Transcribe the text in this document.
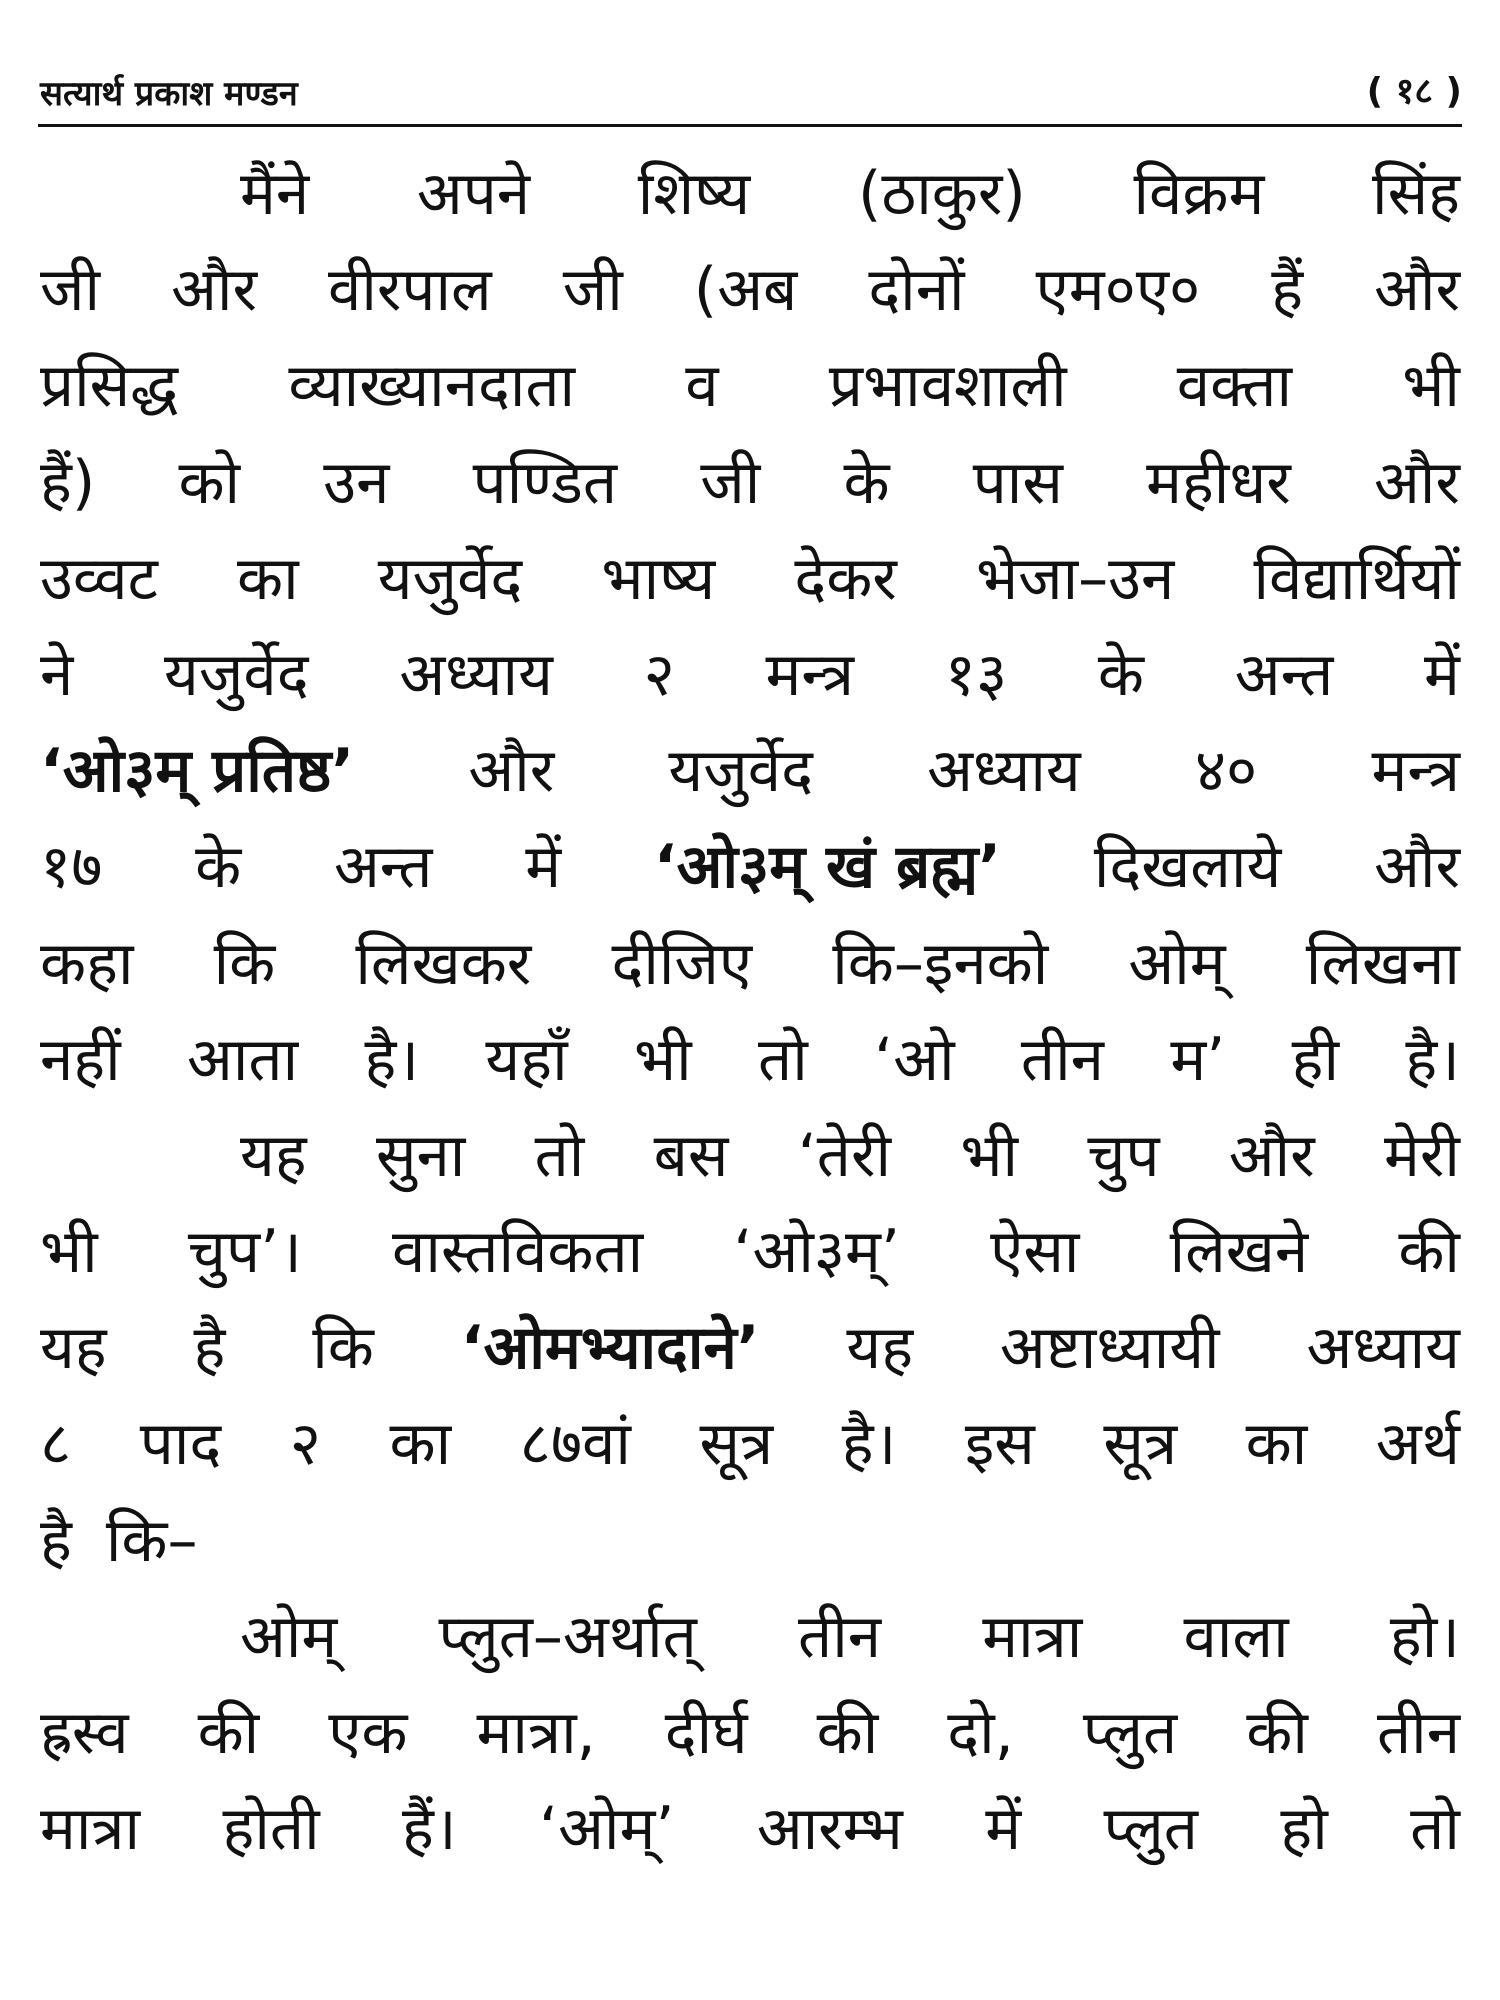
सत्यार्थ प्रकाश मण्डन	( १८ )
मैंने अपने शिष्य (ठाकुर) विक्रम सिंह
जी और वीरपाल जी (अब दोनों एम०ए० हैं और
प्रसिद्ध व्याख्यानदाता व प्रभावशाली वक्ता भी
हैं) को उन पण्डित जी के पास महीधर और
उव्वट का यजुर्वेद भाष्य देकर भेजा–उन विद्यार्थियों
ने यजुर्वेद अध्याय २ मन्त्र १३ के अन्त में
‘ओ३म् प्रतिष्ठ’ और यजुर्वेद अध्याय ४० मन्त्र
१७ के अन्त में ‘ओ३म् खं ब्रह्म’ दिखलाये और
कहा कि लिखकर दीजिए कि–इनको ओम् लिखना
नहीं आता है। यहाँ भी तो ‘ओ तीन म’ ही है।
यह सुना तो बस ‘तेरी भी चुप और मेरी
भी चुप’। वास्तविकता ‘ओ३म्’ ऐसा लिखने की
यह है कि ‘ओमभ्यादाने’ यह अष्टाध्यायी अध्याय
८ पाद २ का ८७वां सूत्र है। इस सूत्र का अर्थ
है कि–
ओम् प्लुत–अर्थात् तीन मात्रा वाला हो।
ह्रस्व की एक मात्रा, दीर्घ की दो, प्लुत की तीन
मात्रा होती हैं। ‘ओम्’ आरम्भ में प्लुत हो तो
